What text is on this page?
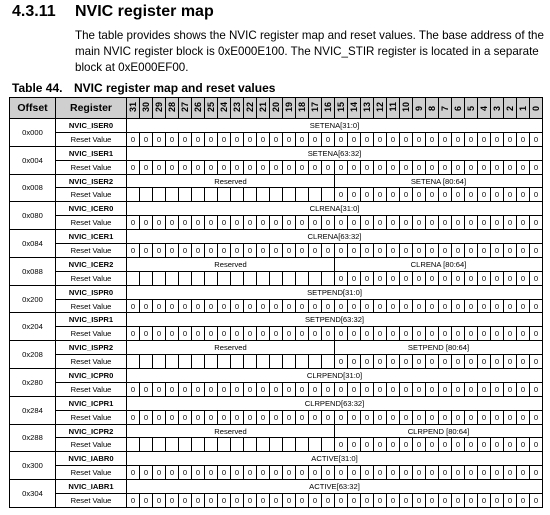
4.3.11	NVIC register map
The table provides shows the NVIC register map and reset values. The base address of the main NVIC register block is 0xE000E100. The NVIC_STIR register is located in a separate block at 0xE000EF00.
Table 44. NVIC register map and reset values
Offset	Register	31	30	29	28	27	26	25	24	23	22	21	20	19	18	17	16	15	14	13	12	11	10	9	8	7	6	5	4	3	2	1	0
0x000	NVIC_ISER0	SETENA[31:0]																															
	Reset Value	0	0	0	0	0	0	0	0	0	0	0	0	0	0	0	0	0	0	0	0	0	0	0	0	0	0	0	0	0	0	0	0
0x004	NVIC_ISER1	SETENA[63:32]																															
	Reset Value	0	0	0	0	0	0	0	0	0	0	0	0	0	0	0	0	0	0	0	0	0	0	0	0	0	0	0	0	0	0	0	0
0x008	NVIC_ISER2	Reserved																SETENA [80:64]															
	Reset Value																	0	0	0	0	0	0	0	0	0	0	0	0	0	0	0	0
0x080	NVIC_ICER0	CLRENA[31:0]																															
	Reset Value	0	0	0	0	0	0	0	0	0	0	0	0	0	0	0	0	0	0	0	0	0	0	0	0	0	0	0	0	0	0	0	0
0x084	NVIC_ICER1	CLRENA[63:32]																															
	Reset Value	0	0	0	0	0	0	0	0	0	0	0	0	0	0	0	0	0	0	0	0	0	0	0	0	0	0	0	0	0	0	0	0
0x088	NVIC_ICER2	Reserved																CLRENA [80:64]															
	Reset Value																	0	0	0	0	0	0	0	0	0	0	0	0	0	0	0	0
0x200	NVIC_ISPR0	SETPEND[31:0]																															
	Reset Value	0	0	0	0	0	0	0	0	0	0	0	0	0	0	0	0	0	0	0	0	0	0	0	0	0	0	0	0	0	0	0	0
0x204	NVIC_ISPR1	SETPEND[63:32]																															
	Reset Value	0	0	0	0	0	0	0	0	0	0	0	0	0	0	0	0	0	0	0	0	0	0	0	0	0	0	0	0	0	0	0	0
0x208	NVIC_ISPR2	Reserved																SETPEND [80:64]															
	Reset Value																	0	0	0	0	0	0	0	0	0	0	0	0	0	0	0	0
0x280	NVIC_ICPR0	CLRPEND[31:0]																															
	Reset Value	0	0	0	0	0	0	0	0	0	0	0	0	0	0	0	0	0	0	0	0	0	0	0	0	0	0	0	0	0	0	0	0
0x284	NVIC_ICPR1	CLRPEND[63:32]																															
	Reset Value	0	0	0	0	0	0	0	0	0	0	0	0	0	0	0	0	0	0	0	0	0	0	0	0	0	0	0	0	0	0	0	0
0x288	NVIC_ICPR2	Reserved																CLRPEND [80:64]															
	Reset Value																	0	0	0	0	0	0	0	0	0	0	0	0	0	0	0	0
0x300	NVIC_IABR0	ACTIVE[31:0]																															
	Reset Value	0	0	0	0	0	0	0	0	0	0	0	0	0	0	0	0	0	0	0	0	0	0	0	0	0	0	0	0	0	0	0	0
0x304	NVIC_IABR1	ACTIVE[63:32]																															
	Reset Value	0	0	0	0	0	0	0	0	0	0	0	0	0	0	0	0	0	0	0	0	0	0	0	0	0	0	0	0	0	0	0	0
